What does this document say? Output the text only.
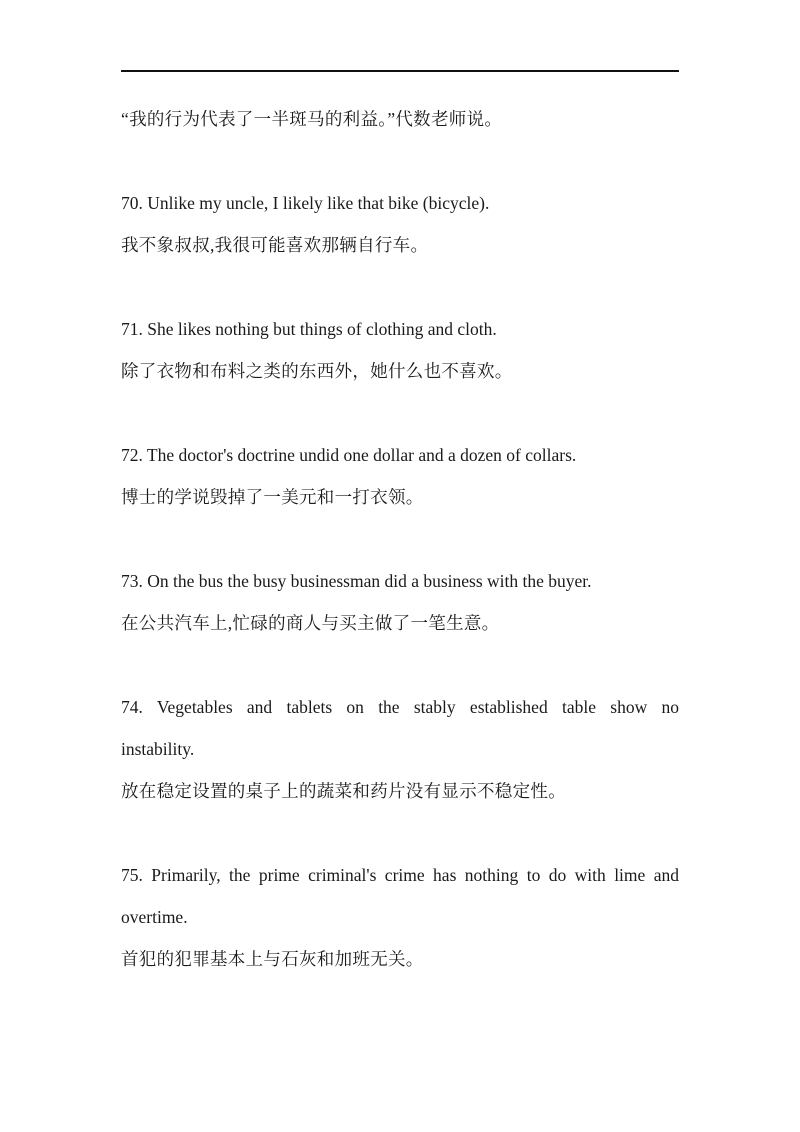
“我的行为代表了一半斑马的利益。”代数老师说。
70. Unlike my uncle, I likely like that bike (bicycle).
我不象叔叔,我很可能喜欢那辆自行车。
71. She likes nothing but things of clothing and cloth.
除了衣物和布料之类的东西外，她什么也不喜欢。
72. The doctor's doctrine undid one dollar and a dozen of collars.
博士的学说毁掉了一美元和一打衣领。
73. On the bus the busy businessman did a business with the buyer.
在公共汽车上,忙碌的商人与买主做了一笔生意。
74. Vegetables and tablets on the stably established table show no
instability.
放在稳定设置的桌子上的蔬菜和药片没有显示不稳定性。
75. Primarily, the prime criminal's crime has nothing to do with lime and
overtime.
首犯的犯罪基本上与石灰和加班无关。
